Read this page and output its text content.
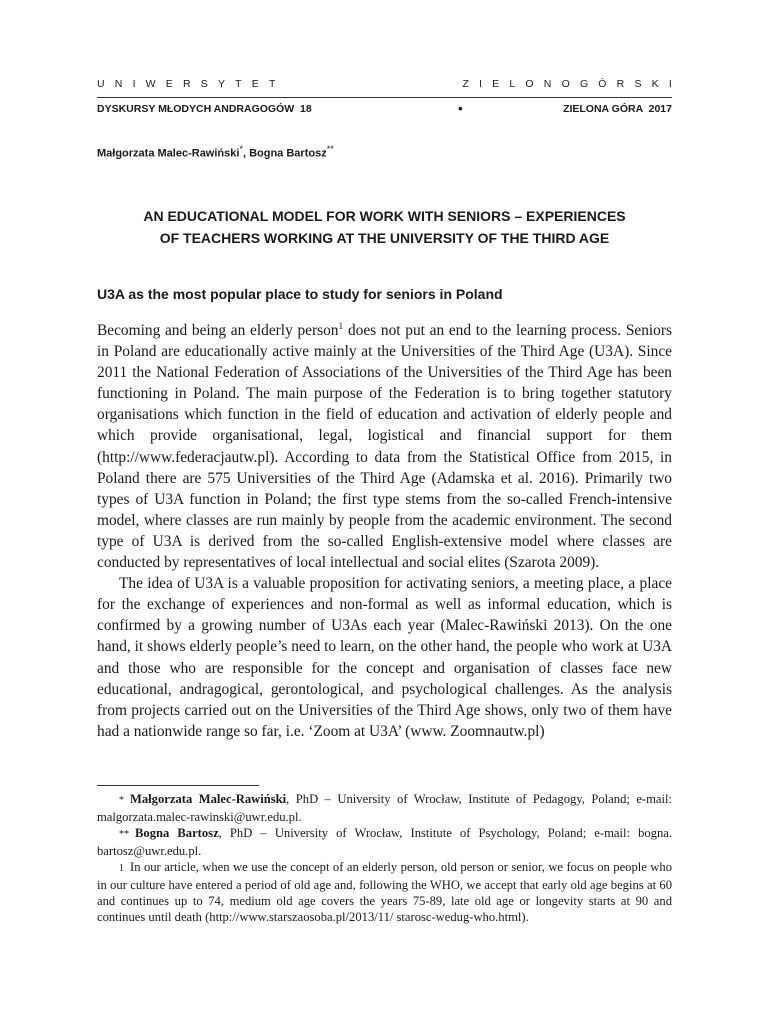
UNIWERSYTET	ZIELONOGÓRSKI
DYSKURSY MŁODYCH ANDRAGOGÓW  18	•	ZIELONA GÓRA  2017
Małgorzata Malec-Rawiński*, Bogna Bartosz**
AN EDUCATIONAL MODEL FOR WORK WITH SENIORS – EXPERIENCES
OF TEACHERS WORKING AT THE UNIVERSITY OF THE THIRD AGE
U3A as the most popular place to study for seniors in Poland

Becoming and being an elderly person$^1$ does not put an end to the learning process. Seniors in Poland are educationally active mainly at the Universities of the Third Age (U3A). Since 2011 the National Federation of Associations of the Universities of the Third Age has been functioning in Poland. The main purpose of the Federation is to bring together statutory organisations which function in the field of education and activation of elderly people and which provide organisational, legal, logistical and financial support for them (http://www.federacjautw.pl). According to data from the Statistical Office from 2015, in Poland there are 575 Universities of the Third Age (Adamska et al. 2016). Primarily two types of U3A function in Poland; the first type stems from the so-called French-intensive model, where classes are run mainly by people from the academic environment. The second type of U3A is derived from the so-called English-extensive model where classes are conducted by representatives of local intellectual and social elites (Szarota 2009).

The idea of U3A is a valuable proposition for activating seniors, a meeting place, a place for the exchange of experiences and non-formal as well as informal education, which is confirmed by a growing number of U3As each year (Malec-Rawiński 2013). On the one hand, it shows elderly people’s need to learn, on the other hand, the people who work at U3A and those who are responsible for the concept and organisation of classes face new educational, andragogical, gerontological, and psychological challenges. As the analysis from projects carried out on the Universities of the Third Age shows, only two of them have had a nationwide range so far, i.e. ‘Zoom at U3A’ (www. Zoomnautw.pl)

* Małgorzata Malec-Rawiński, PhD – University of Wrocław, Institute of Pedagogy, Poland; e-mail: malgorzata.malec-rawinski@uwr.edu.pl.

** Bogna Bartosz, PhD – University of Wrocław, Institute of Psychology, Poland; e-mail: bogna. bartosz@uwr.edu.pl.

1 In our article, when we use the concept of an elderly person, old person or senior, we focus on people who in our culture have entered a period of old age and, following the WHO, we accept that early old age begins at 60 and continues up to 74, medium old age covers the years 75-89, late old age or longevity starts at 90 and continues until death (http://www.starszaosoba.pl/2013/11/ starosc-wedug-who.html).
